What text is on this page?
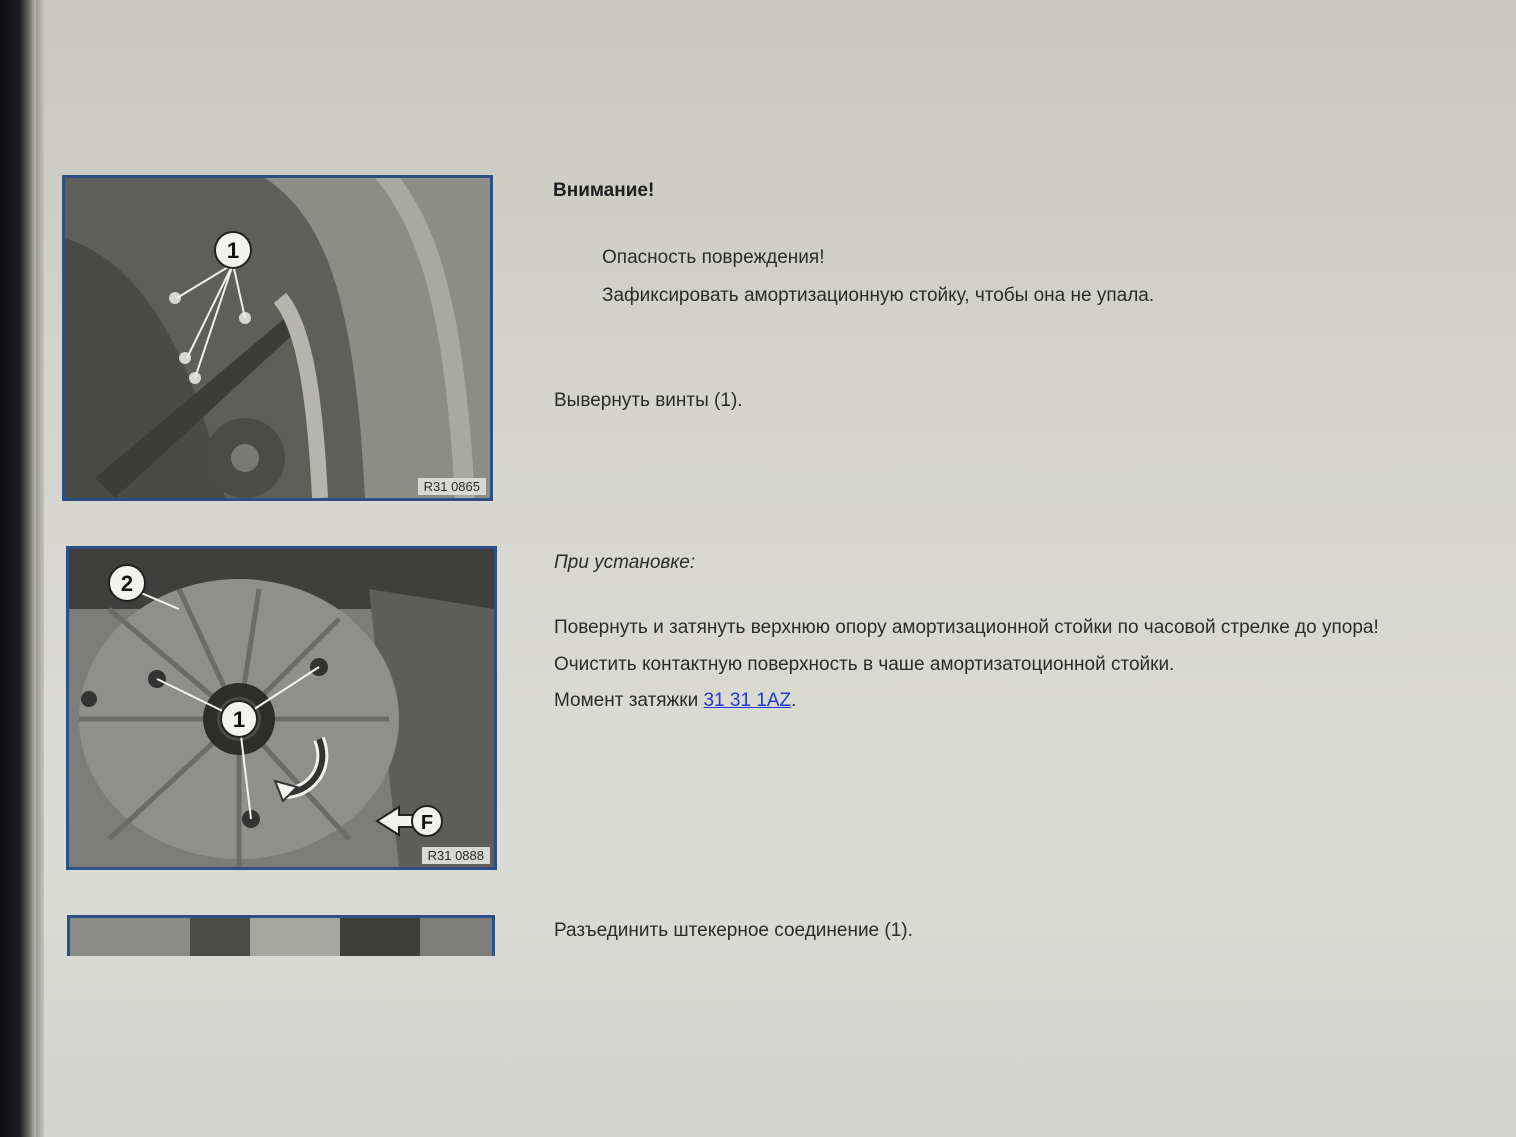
1
R31 0865
2
1
F
R31 0888
Внимание!
Опасность повреждения!
Зафиксировать амортизационную стойку, чтобы она не упала.
Вывернуть винты (1).
При установке:
Повернуть и затянуть верхнюю опору амортизационной стойки по часовой стрелке до упора!
Очистить контактную поверхность в чаше амортизатоционной стойки.
Момент затяжки 31 31 1AZ.
Разъединить штекерное соединение (1).
